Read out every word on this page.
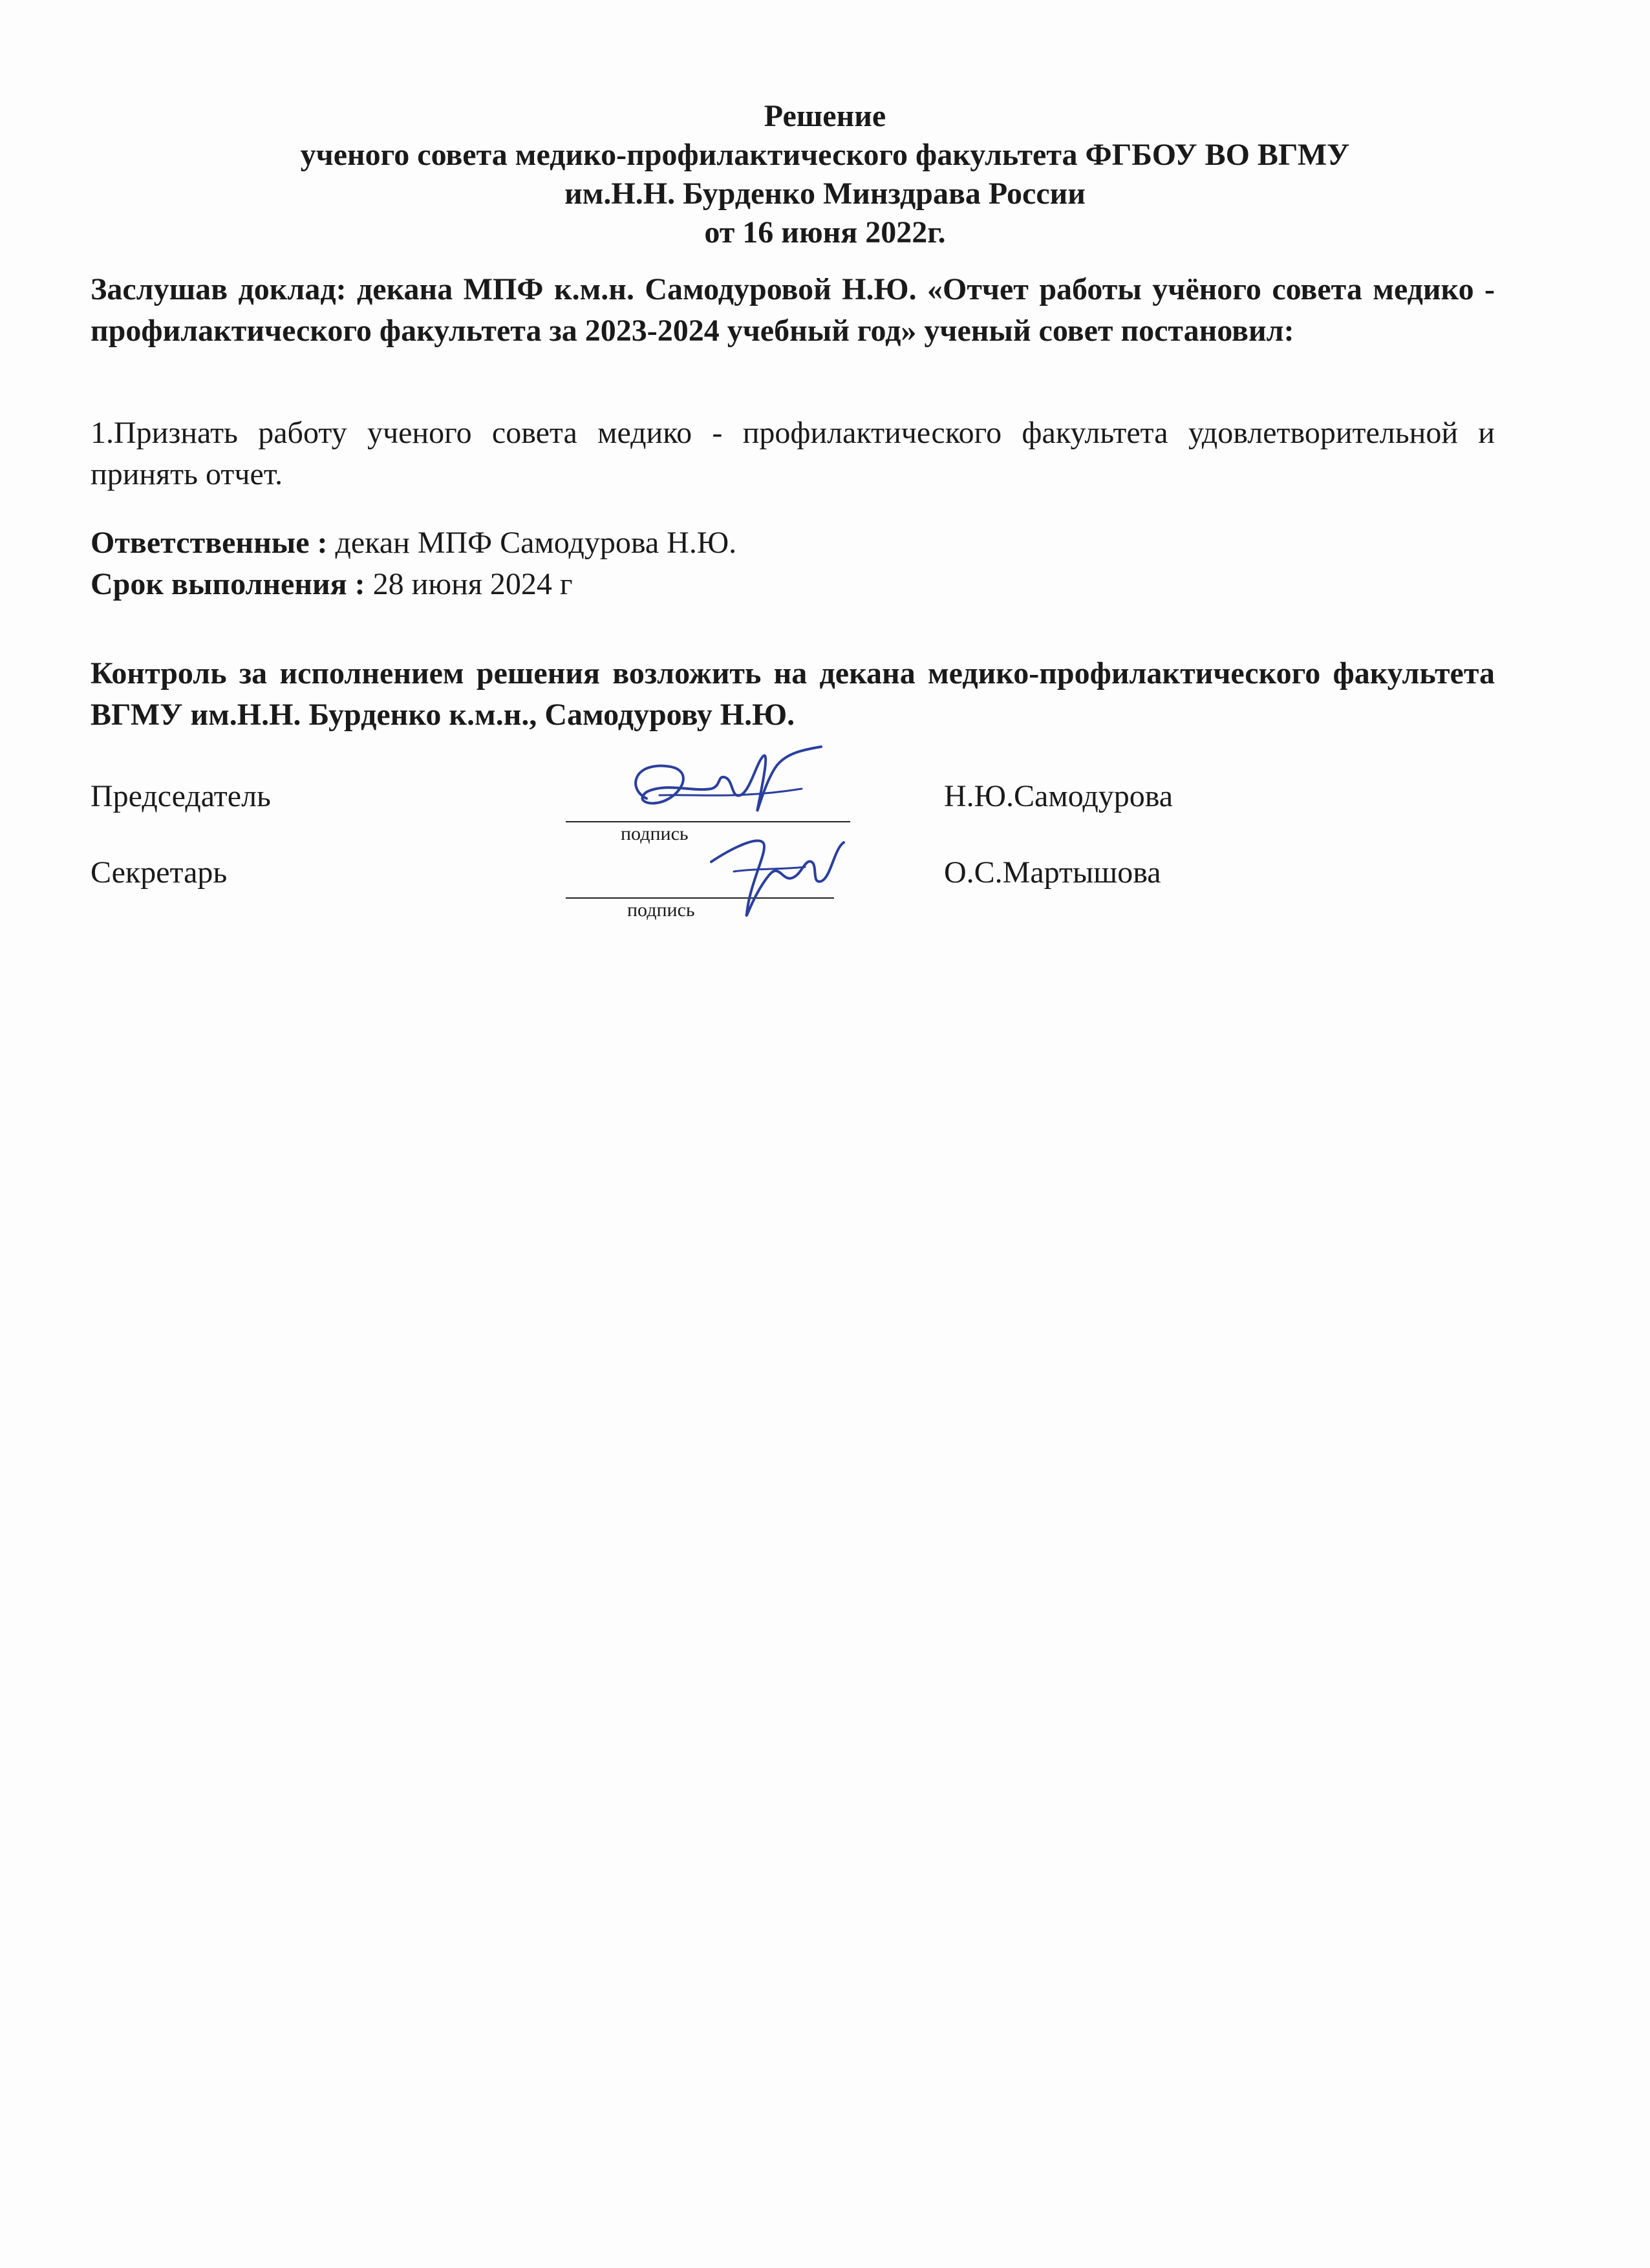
Решение
ученого совета медико-профилактического факультета ФГБОУ ВО ВГМУ
им.Н.Н. Бурденко Минздрава России
от 16 июня 2022г.
Заслушав доклад: декана МПФ к.м.н. Самодуровой Н.Ю. «Отчет работы учёного совета медико - профилактического факультета за 2023-2024 учебный год» ученый совет постановил:
1.Признать работу ученого совета медико - профилактического факультета удовлетворительной и принять отчет.
Ответственные : декан МПФ Самодурова Н.Ю.
Срок выполнения : 28 июня 2024 г
Контроль за исполнением решения возложить на декана медико-профилактического факультета ВГМУ им.Н.Н. Бурденко к.м.н., Самодурову Н.Ю.
Председатель
подпись
Н.Ю.Самодурова
Секретарь
подпись
О.С.Мартышова
